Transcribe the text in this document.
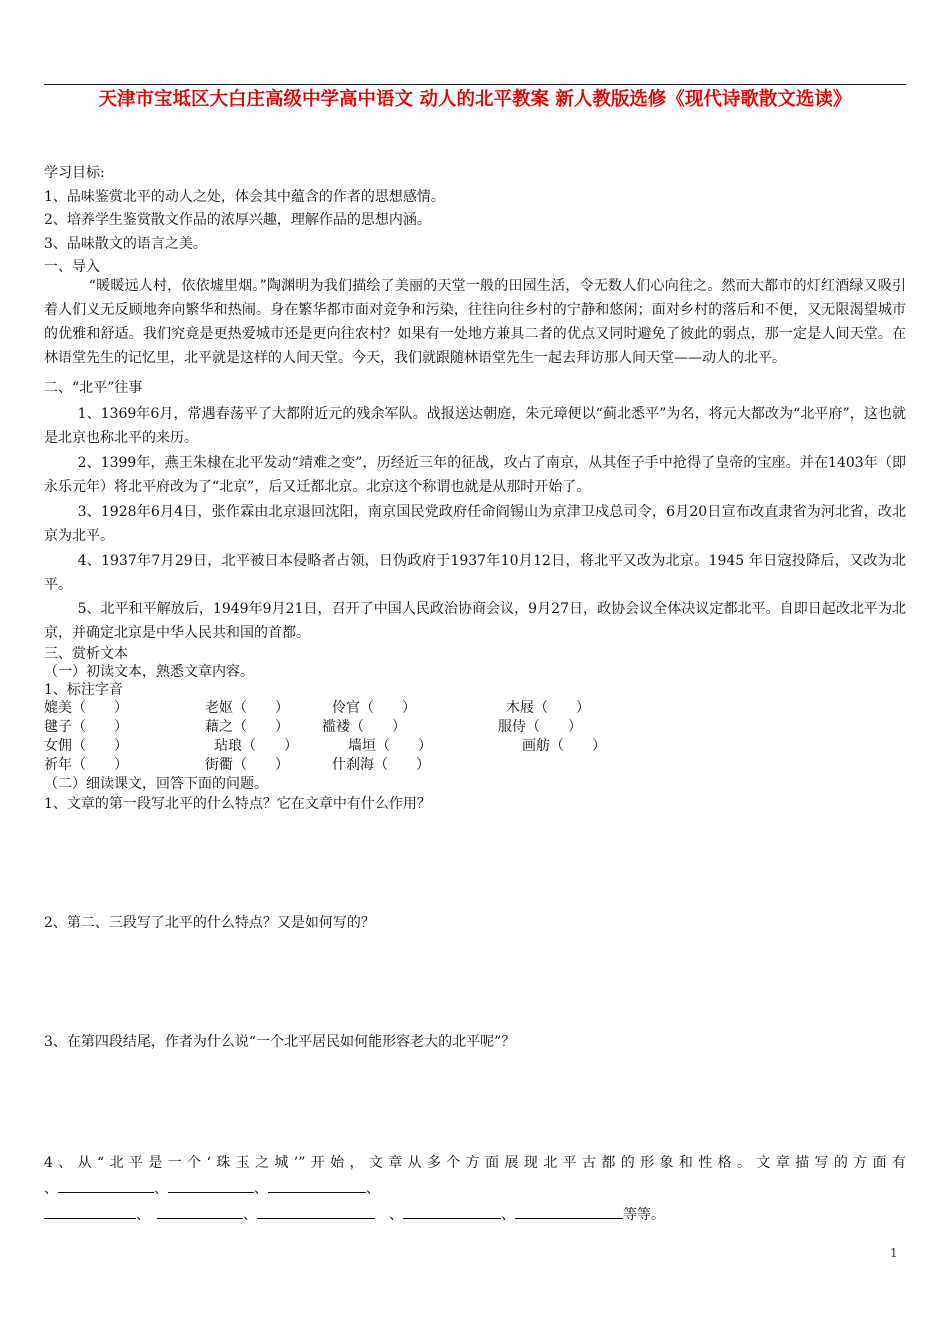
天津市宝坻区大白庄高级中学高中语文 动人的北平教案 新人教版选修《现代诗歌散文选读》
学习目标:
1、品味鉴赏北平的动人之处，体会其中蕴含的作者的思想感情。
2、培养学生鉴赏散文作品的浓厚兴趣，理解作品的思想内涵。
3、品味散文的语言之美。
一、导入
“暖暖远人村，依依墟里烟。”陶渊明为我们描绘了美丽的天堂一般的田园生活，令无数人们心向往之。然而大都市的灯红酒绿又吸引着人们义无反顾地奔向繁华和热闹。身在繁华都市面对竞争和污染，往往向往乡村的宁静和悠闲；面对乡村的落后和不便，又无限渴望城市的优雅和舒适。我们究竟是更热爱城市还是更向往农村？如果有一处地方兼具二者的优点又同时避免了彼此的弱点，那一定是人间天堂。在林语堂先生的记忆里，北平就是这样的人间天堂。今天，我们就跟随林语堂先生一起去拜访那人间天堂——动人的北平。
二、“北平”往事
1、1369年6月，常遇春荡平了大都附近元的残余军队。战报送达朝庭，朱元璋便以“蓟北悉平”为名，将元大都改为“北平府”，这也就是北京也称北平的来历。
2、1399年，燕王朱棣在北平发动“靖难之变”，历经近三年的征战，攻占了南京，从其侄子手中抢得了皇帝的宝座。并在1403年（即永乐元年）将北平府改为了“北京”，后又迁都北京。北京这个称谓也就是从那时开始了。
3、1928年6月4日，张作霖由北京退回沈阳，南京国民党政府任命阎锡山为京津卫戍总司令，6月20日宣布改直隶省为河北省，改北京为北平。
4、1937年7月29日，北平被日本侵略者占领，日伪政府于1937年10月12日，将北平又改为北京。1945 年日寇投降后，又改为北平。
5、北平和平解放后，1949年9月21日，召开了中国人民政治协商会议，9月27日，政协会议全体决议定都北平。自即日起改北平为北京，并确定北京是中华人民共和国的首都。
三、赏析文本
（一）初读文本，熟悉文章内容。
1、标注字音
媲美（　　）	老妪（　　）	伶官（　　）	木屐（　　）
毽子（　　）	藉之（　　） 褴褛（　　）	服侍（　　）
女佣（　　）	玷琅（　　）	墙垣（　　）	画舫（　　）
祈年（　　）	街衢（　　）	什刹海（　　）
（二）细读课文，回答下面的问题。
1、文章的第一段写北平的什么特点？它在文章中有什么作用？
2、第二、三段写了北平的什么特点？又是如何写的？
3、在第四段结尾，作者为什么说“一个北平居民如何能形容老大的北平呢”？
4、从“北平是一个‘珠玉之城’”开始，文章从多个方面展现北平古都的形象和性格。文章描写的方面有
、	、	、	、
、　	、　	、	、	等等。
1
